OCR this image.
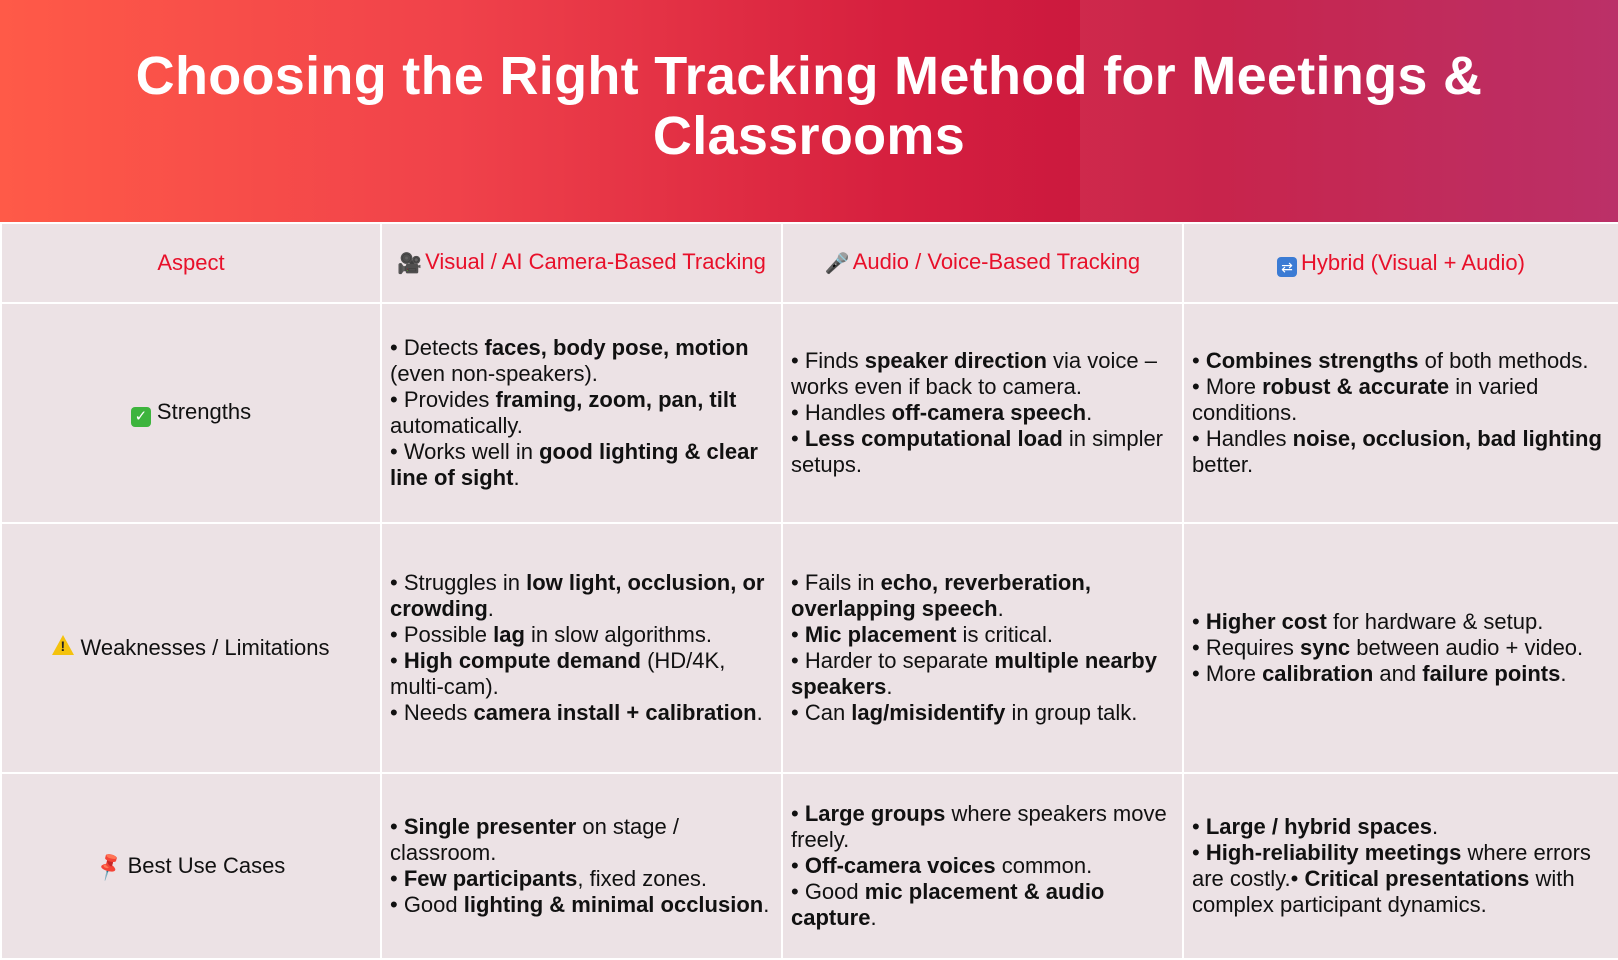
Choosing the Right Tracking Method for Meetings & Classrooms
Aspect	🎥 Visual / AI Camera-Based Tracking	🎤 Audio / Voice-Based Tracking	⇄ Hybrid (Visual + Audio)
✓ Strengths	• Detects faces, body pose, motion (even non-speakers).
• Provides framing, zoom, pan, tilt automatically.
• Works well in good lighting & clear line of sight.	• Finds speaker direction via voice – works even if back to camera.
• Handles off-camera speech.
• Less computational load in simpler setups.	• Combines strengths of both methods.
• More robust & accurate in varied conditions.
• Handles noise, occlusion, bad lighting better.

!Weaknesses / Limitations	• Struggles in low light, occlusion, or crowding.
• Possible lag in slow algorithms.
• High compute demand (HD/4K, multi-cam).
• Needs camera install + calibration.	• Fails in echo, reverberation, overlapping speech.
• Mic placement is critical.
• Harder to separate multiple nearby speakers.
• Can lag/misidentify in group talk.	• Higher cost for hardware & setup.
• Requires sync between audio + video.
• More calibration and failure points.

📌Best Use Cases	• Single presenter on stage / classroom.
• Few participants, fixed zones.
• Good lighting & minimal occlusion.	• Large groups where speakers move freely.
• Off-camera voices common.
• Good mic placement & audio capture.	• Large / hybrid spaces.
• High-reliability meetings where errors are costly.• Critical presentations with complex participant dynamics.
